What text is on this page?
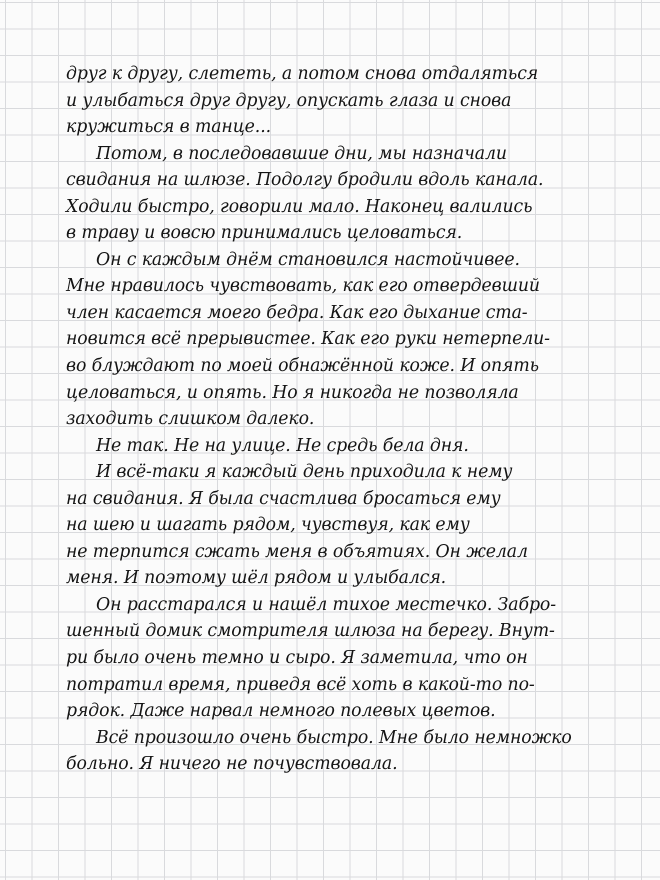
друг к другу, слететь, а потом снова отдаляться
и улыбаться друг другу, опускать глаза и снова
кружиться в танце...
Потом, в последовавшие дни, мы назначали
свидания на шлюзе. Подолгу бродили вдоль канала.
Ходили быстро, говорили мало. Наконец валились
в траву и вовсю принимались целоваться.
Он с каждым днём становился настойчивее.
Мне нравилось чувствовать, как его отвердевший
член касается моего бедра. Как его дыхание ста-
новится всё прерывистее. Как его руки нетерпели-
во блуждают по моей обнажённой коже. И опять
целоваться, и опять. Но я никогда не позволяла
заходить слишком далеко.
Не так. Не на улице. Не средь бела дня.
И всё-таки я каждый день приходила к нему
на свидания. Я была счастлива бросаться ему
на шею и шагать рядом, чувствуя, как ему
не терпится сжать меня в объятиях. Он желал
меня. И поэтому шёл рядом и улыбался.
Он расстарался и нашёл тихое местечко. Забро-
шенный домик смотрителя шлюза на берегу. Внут-
ри было очень темно и сыро. Я заметила, что он
потратил время, приведя всё хоть в какой-то по-
рядок. Даже нарвал немного полевых цветов.
Всё произошло очень быстро. Мне было немножко
больно. Я ничего не почувствовала.
